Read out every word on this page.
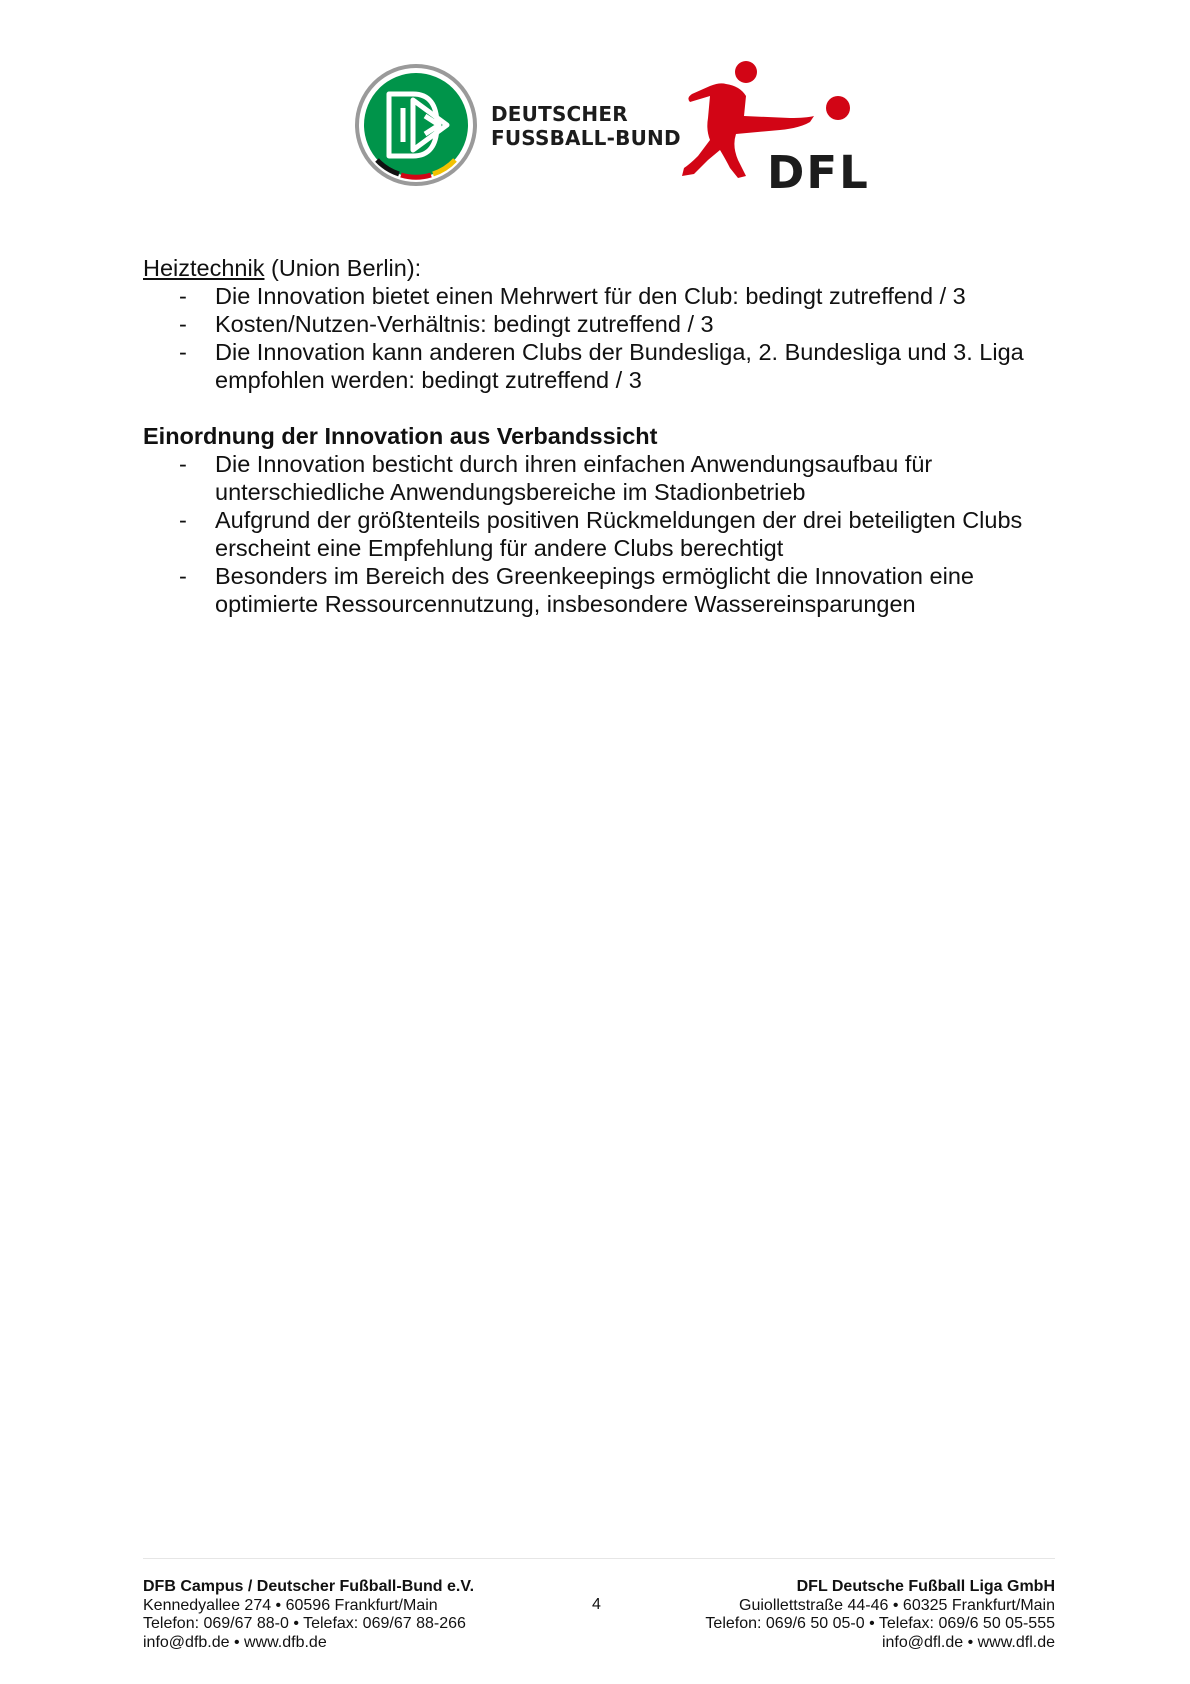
DEUTSCHER
FUSSBALL-BUND
DFL
Heiztechnik (Union Berlin):
- Die Innovation bietet einen Mehrwert für den Club: bedingt zutreffend / 3
- Kosten/Nutzen-Verhältnis: bedingt zutreffend / 3
- Die Innovation kann anderen Clubs der Bundesliga, 2. Bundesliga und 3. Liga empfohlen werden: bedingt zutreffend / 3
Einordnung der Innovation aus Verbandssicht
- Die Innovation besticht durch ihren einfachen Anwendungsaufbau für unterschiedliche Anwendungsbereiche im Stadionbetrieb
- Aufgrund der größtenteils positiven Rückmeldungen der drei beteiligten Clubs erscheint eine Empfehlung für andere Clubs berechtigt
- Besonders im Bereich des Greenkeepings ermöglicht die Innovation eine optimierte Ressourcennutzung, insbesondere Wassereinsparungen
DFB Campus / Deutscher Fußball-Bund e.V.
Kennedyallee 274 • 60596 Frankfurt/Main
Telefon: 069/67 88-0 • Telefax: 069/67 88-266
info@dfb.de • www.dfb.de
4
DFL Deutsche Fußball Liga GmbH
Guiollettstraße 44-46 • 60325 Frankfurt/Main
Telefon: 069/6 50 05-0 • Telefax: 069/6 50 05-555
info@dfl.de • www.dfl.de
